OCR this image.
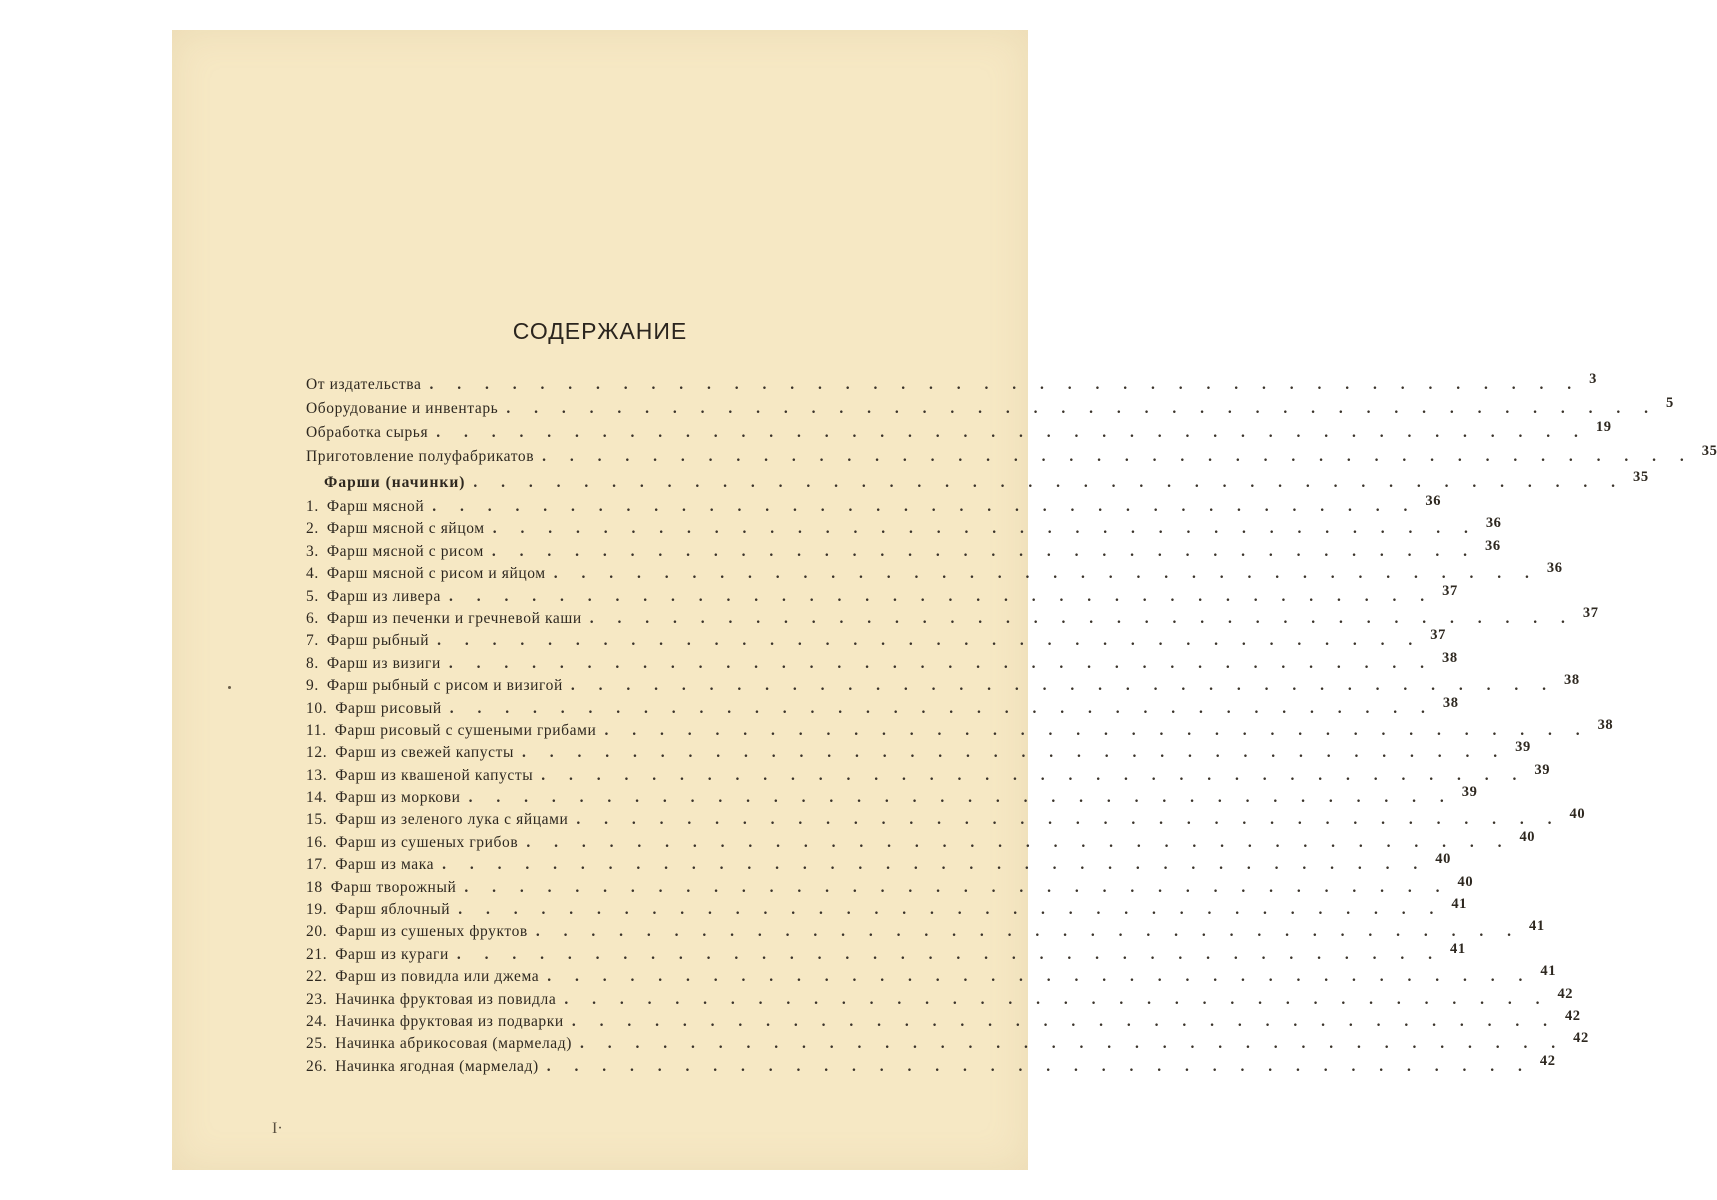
СОДЕРЖАНИЕ
От издательства . . . . . . . . . . . . . . . . . . . . . . . . . . . . . . . . . . . . . . . . . . 3
Оборудование и инвентарь . . . . . . . . . . . . . . . . . . . . . . . . . . . . . . . . . . . . . . . . . . 5
Обработка сырья . . . . . . . . . . . . . . . . . . . . . . . . . . . . . . . . . . . . . . . . . . 19
Приготовление полуфабрикатов . . . . . . . . . . . . . . . . . . . . . . . . . . . . . . . . . . . . . . . . . . 35
Фарши (начинки) . . . . . . . . . . . . . . . . . . . . . . . . . . . . . . . . . . . . . . . . . . 35
1. Фарш мясной . . . . . . . . . . . . . . . . . . . . . . . . . . . . . . . . . . . . 36
2. Фарш мясной с яйцом . . . . . . . . . . . . . . . . . . . . . . . . . . . . . . . . . . . . 36
3. Фарш мясной с рисом . . . . . . . . . . . . . . . . . . . . . . . . . . . . . . . . . . . . 36
4. Фарш мясной с рисом и яйцом . . . . . . . . . . . . . . . . . . . . . . . . . . . . . . . . . . . . 36
5. Фарш из ливера . . . . . . . . . . . . . . . . . . . . . . . . . . . . . . . . . . . . 37
6. Фарш из печенки и гречневой каши . . . . . . . . . . . . . . . . . . . . . . . . . . . . . . . . . . . . 37
7. Фарш рыбный . . . . . . . . . . . . . . . . . . . . . . . . . . . . . . . . . . . . 37
8. Фарш из визиги . . . . . . . . . . . . . . . . . . . . . . . . . . . . . . . . . . . . 38
9. Фарш рыбный с рисом и визигой . . . . . . . . . . . . . . . . . . . . . . . . . . . . . . . . . . . . 38
10. Фарш рисовый . . . . . . . . . . . . . . . . . . . . . . . . . . . . . . . . . . . . 38
11. Фарш рисовый с сушеными грибами . . . . . . . . . . . . . . . . . . . . . . . . . . . . . . . . . . . . 38
12. Фарш из свежей капусты . . . . . . . . . . . . . . . . . . . . . . . . . . . . . . . . . . . . 39
13. Фарш из квашеной капусты . . . . . . . . . . . . . . . . . . . . . . . . . . . . . . . . . . . . 39
14. Фарш из моркови . . . . . . . . . . . . . . . . . . . . . . . . . . . . . . . . . . . . 39
15. Фарш из зеленого лука с яйцами . . . . . . . . . . . . . . . . . . . . . . . . . . . . . . . . . . . . 40
16. Фарш из сушеных грибов . . . . . . . . . . . . . . . . . . . . . . . . . . . . . . . . . . . . 40
17. Фарш из мака . . . . . . . . . . . . . . . . . . . . . . . . . . . . . . . . . . . . 40
18 Фарш творожный . . . . . . . . . . . . . . . . . . . . . . . . . . . . . . . . . . . . 40
19. Фарш яблочный . . . . . . . . . . . . . . . . . . . . . . . . . . . . . . . . . . . . 41
20. Фарш из сушеных фруктов . . . . . . . . . . . . . . . . . . . . . . . . . . . . . . . . . . . . 41
21. Фарш из кураги . . . . . . . . . . . . . . . . . . . . . . . . . . . . . . . . . . . . 41
22. Фарш из повидла или джема . . . . . . . . . . . . . . . . . . . . . . . . . . . . . . . . . . . . 41
23. Начинка фруктовая из повидла . . . . . . . . . . . . . . . . . . . . . . . . . . . . . . . . . . . . 42
24. Начинка фруктовая из подварки . . . . . . . . . . . . . . . . . . . . . . . . . . . . . . . . . . . . 42
25. Начинка абрикосовая (мармелад) . . . . . . . . . . . . . . . . . . . . . . . . . . . . . . . . . . . . 42
26. Начинка ягодная (мармелад) . . . . . . . . . . . . . . . . . . . . . . . . . . . . . . . . . . . . 42
I·
